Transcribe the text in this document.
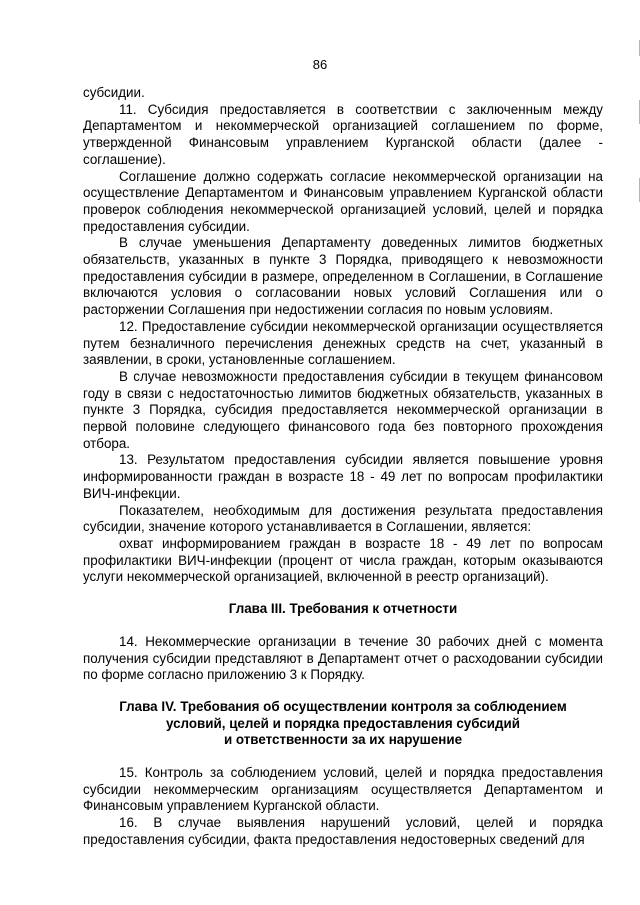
86

субсидии.

11. Субсидия предоставляется в соответствии с заключенным между Департаментом и некоммерческой организацией соглашением по форме, утвержденной Финансовым управлением Курганской области (далее - соглашение).

Соглашение должно содержать согласие некоммерческой организации на осуществление Департаментом и Финансовым управлением Курганской области проверок соблюдения некоммерческой организацией условий, целей и порядка предоставления субсидии.

В случае уменьшения Департаменту доведенных лимитов бюджетных обязательств, указанных в пункте 3 Порядка, приводящего к невозможности предоставления субсидии в размере, определенном в Соглашении, в Соглашение включаются условия о согласовании новых условий Соглашения или о расторжении Соглашения при недостижении согласия по новым условиям.

12. Предоставление субсидии некоммерческой организации осуществляется путем безналичного перечисления денежных средств на счет, указанный в заявлении, в сроки, установленные соглашением.

В случае невозможности предоставления субсидии в текущем финансовом году в связи с недостаточностью лимитов бюджетных обязательств, указанных в пункте 3 Порядка, субсидия предоставляется некоммерческой организации в первой половине следующего финансового года без повторного прохождения отбора.

13. Результатом предоставления субсидии является повышение уровня информированности граждан в возрасте 18 - 49 лет по вопросам профилактики ВИЧ-инфекции.

Показателем, необходимым для достижения результата предоставления субсидии, значение которого устанавливается в Соглашении, является:

охват информированием граждан в возрасте 18 - 49 лет по вопросам профилактики ВИЧ-инфекции (процент от числа граждан, которым оказываются услуги некоммерческой организацией, включенной в реестр организаций).

Глава III. Требования к отчетности

14. Некоммерческие организации в течение 30 рабочих дней с момента получения субсидии представляют в Департамент отчет о расходовании субсидии по форме согласно приложению 3 к Порядку.

Глава IV. Требования об осуществлении контроля за соблюдением
условий, целей и порядка предоставления субсидий
и ответственности за их нарушение

15. Контроль за соблюдением условий, целей и порядка предоставления субсидии некоммерческим организациям осуществляется Департаментом и Финансовым управлением Курганской области.

16. В случае выявления нарушений условий, целей и порядка предоставления субсидии, факта предоставления недостоверных сведений для
